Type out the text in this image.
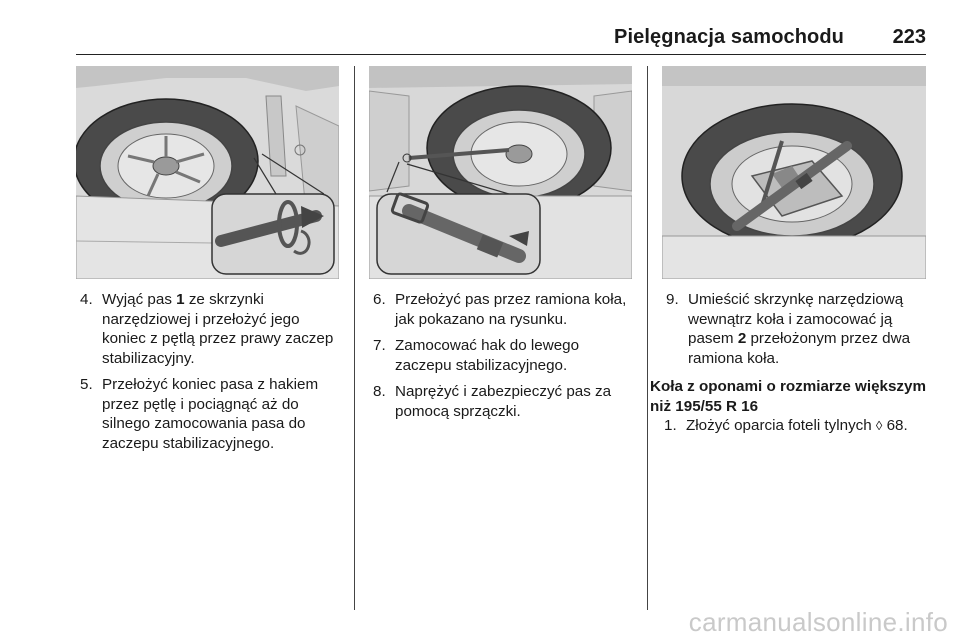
Pielęgnacja samochodu 223
4. Wyjąć pas 1 ze skrzynki narzędziowej i przełożyć jego koniec z pętlą przez prawy zaczep stabilizacyjny.
5. Przełożyć koniec pasa z hakiem przez pętlę i pociągnąć aż do silnego zamocowania pasa do zaczepu stabilizacyjnego.
6. Przełożyć pas przez ramiona koła, jak pokazano na rysunku.
7. Zamocować hak do lewego zaczepu stabilizacyjnego.
8. Naprężyć i zabezpieczyć pas za pomocą sprzączki.
9. Umieścić skrzynkę narzędziową wewnątrz koła i zamocować ją pasem 2 przełożonym przez dwa ramiona koła.
Koła z oponami o rozmiarze większym niż 195/55 R 16
1. Złożyć oparcia foteli tylnych ◊ 68.
carmanualsonline.info
